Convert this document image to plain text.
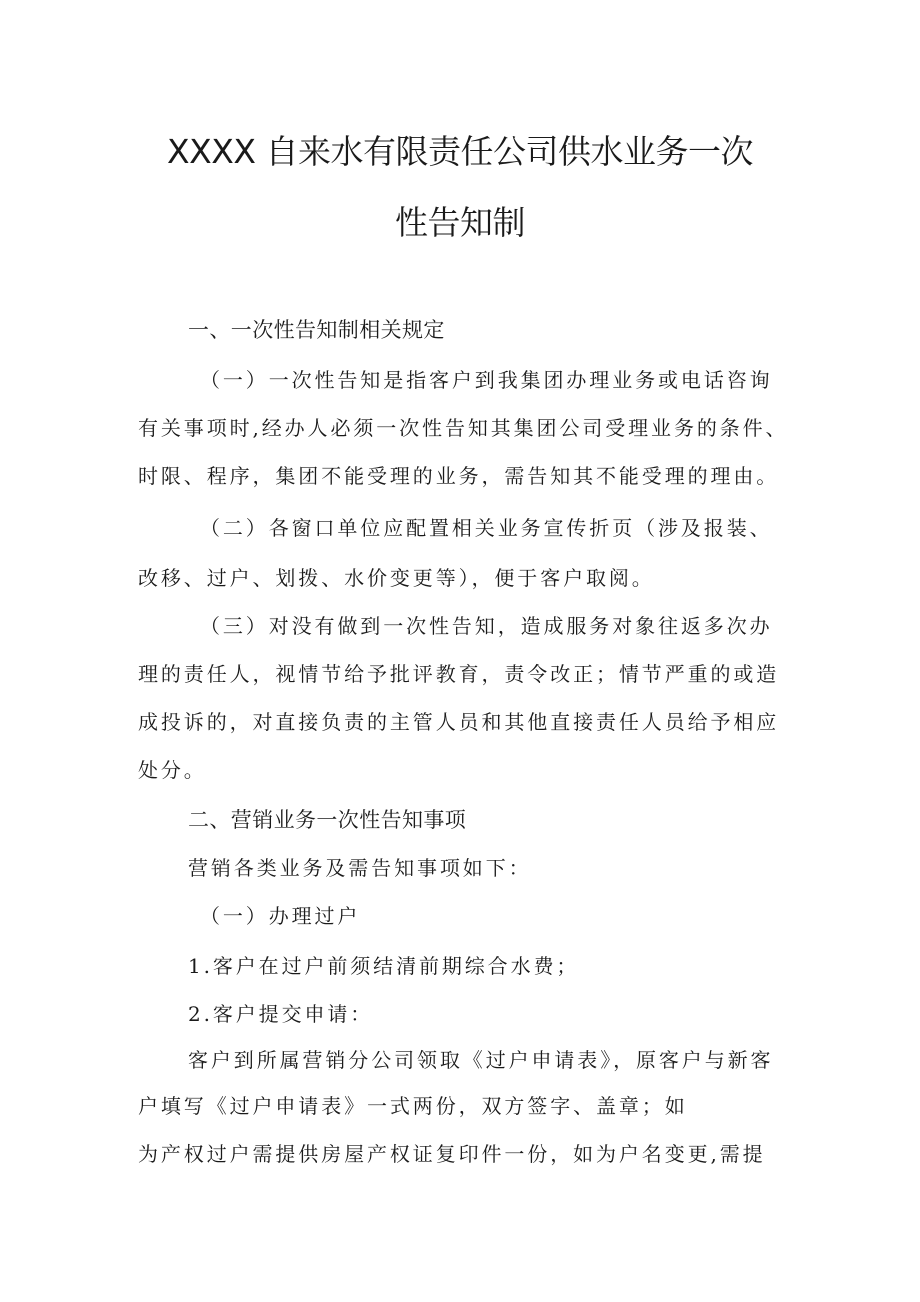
XXXX 自来水有限责任公司供水业务一次
性告知制
一、一次性告知制相关规定
（一）一次性告知是指客户到我集团办理业务或电话咨询
有关事项时,经办人必须一次性告知其集团公司受理业务的条件、
时限、程序，集团不能受理的业务，需告知其不能受理的理由。
（二）各窗口单位应配置相关业务宣传折页（涉及报装、
改移、过户、划拨、水价变更等），便于客户取阅。
（三）对没有做到一次性告知，造成服务对象往返多次办
理的责任人，视情节给予批评教育，责令改正；情节严重的或造
成投诉的，对直接负责的主管人员和其他直接责任人员给予相应
处分。
二、营销业务一次性告知事项
营销各类业务及需告知事项如下：
（一）办理过户
1.客户在过户前须结清前期综合水费；
2.客户提交申请：
客户到所属营销分公司领取《过户申请表》，原客户与新客
户填写《过户申请表》一式两份，双方签字、盖章；如
为产权过户需提供房屋产权证复印件一份，如为户名变更,需提
